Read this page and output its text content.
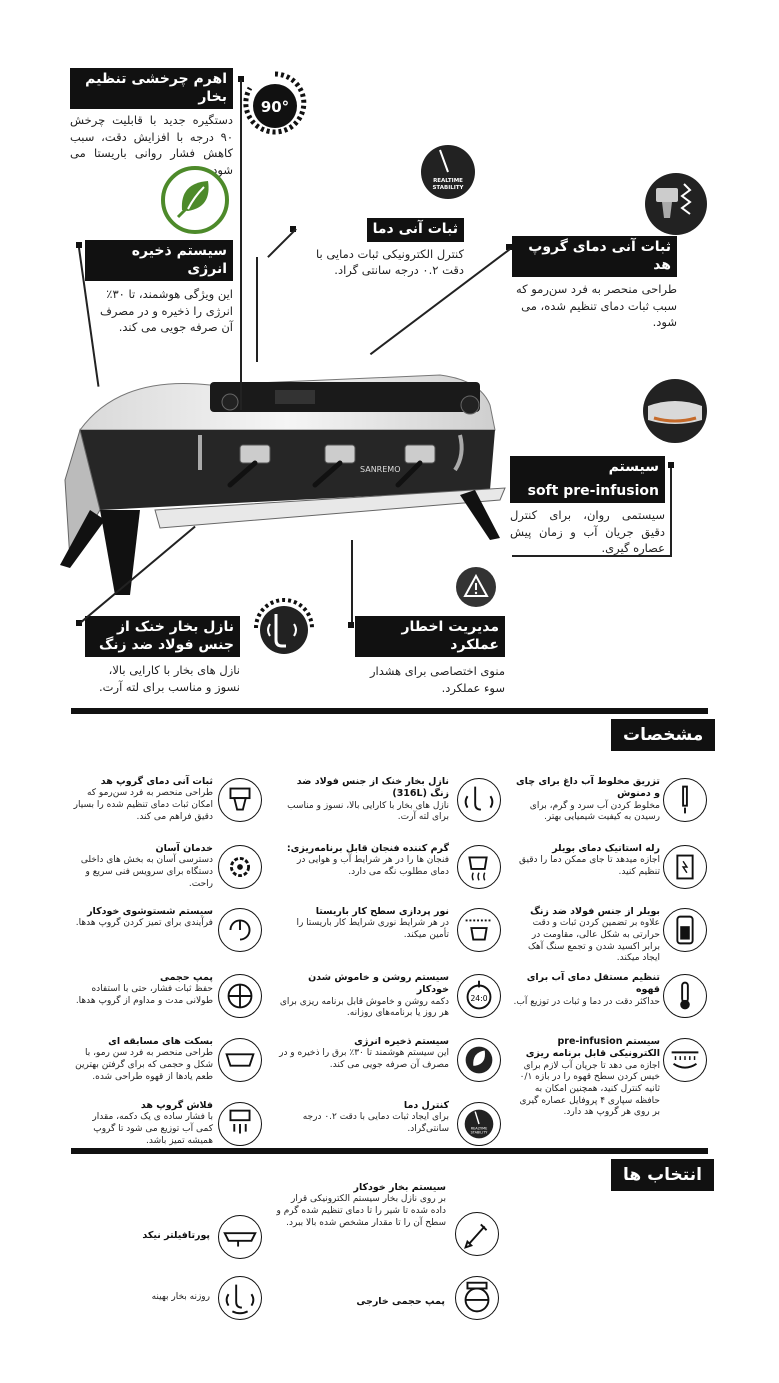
SANREMO
اهرم چرخشی تنظیم بخار
دستگیره جدید با قابلیت چرخش ۹۰ درجه با افزایش دقت، سبب کاهش فشار روانی باریستا می شود.
90°
سیستم ذخیره انرژی
این ویژگی هوشمند، تا ۳۰٪ انرژی را ذخیره و در مصرف آن صرفه جویی می کند.
REALTIME
STABILITY
ثبات آنی دما
کنترل الکترونیکی ثبات دمایی با دقت ۰.۲ درجه سانتی گراد.
ثبات آنی دمای گروپ هد
طراحی منحصر به فرد سن‌رمو که سبب ثبات دمای تنظیم شده، می شود.
سیستم
soft pre-infusion
سیستمی روان، برای کنترل دقیق جریان آب و زمان پیش عصاره گیری.
نازل بخار خنک از جنس فولاد ضد زنگ
نازل های بخار با کارایی بالا، نسوز و مناسب برای لته آرت.
مدیریت اخطار عملکرد
منوی اختصاصی برای هشدار سوء عملکرد.
مشخصات
ثبات آنی دمای گروپ هد
طراحی منحصر به فرد سن‌رمو که امکان ثبات دمای تنظیم شده را بسیار دقیق فراهم می کند.
نازل بخار خنک از جنس فولاد ضد زنگ (316L)
نازل های بخار با کارایی بالا، نسوز و مناسب برای لته آرت.
تزریق مخلوط آب داغ برای چای و دمنوش
مخلوط کردن آب سرد و گرم، برای رسیدن به کیفیت شیمیایی بهتر.
خدمان آسان
دسترسی آسان به بخش های داخلی دستگاه برای سرویس فنی سریع و راحت.
گرم کننده فنجان قابل برنامه‌ریزی:
فنجان ها را در هر شرایط آب و هوایی در دمای مطلوب نگه می دارد.
رله استاتیک دمای بویلر
اجازه میدهد تا جای ممکن دما را دقیق تنظیم کنید.
سیستم شستوشوی خودکار
فرآیندی برای تمیز کردن گروپ هدها.
نور پردازی سطح کار باریستا
در هر شرایط نوری شرایط کار باریستا را تأمین میکند.
بویلر از جنس فولاد ضد زنگ
علاوه بر تضمین کردن ثبات و دقت حرارتی به شکل عالی، مقاومت در برابر اکسید شدن و تجمع سنگ آهک ایجاد میکند.
پمپ حجمی
حفظ ثبات فشار، حتی با استفاده طولانی مدت و مداوم از گروپ هدها.
سیستم روشن و خاموش شدن خودکار
دکمه روشن و خاموش قابل برنامه ریزی برای هر روز یا برنامه‌های روزانه.
24:0
تنظیم مستقل دمای آب برای قهوه
حداکثر دقت در دما و ثبات در توزیع آب.
بسکت های مسابقه ای
طراحی منحصر به فرد سن رمو، با شکل و حجمی که برای گرفتن بهترین طعم یادها از قهوه طراحی شده.
سیستم ذخیره انرژی
این سیستم هوشمند تا ۳۰٪ برق را ذخیره و در مصرف آن صرفه جویی می کند.
سیستم pre-infusion الکترونیکی قابل برنامه ریزی
اجازه می دهد تا جریان آب لازم برای خیس کردن سطح قهوه را در بازه ۰/۱ ثانیه کنترل کنید، همچنین امکان به حافظه سپاری ۴ پروفایل عصاره گیری بر روی هر گروپ هد دارد.
فلاش گروپ هد
با فشار ساده ی یک دکمه، مقدار کمی آب توزیع می شود تا گروپ همیشه تمیز باشد.
کنترل دما
برای ایجاد ثبات دمایی با دقت ۰.۲ درجه سانتی‌گراد.	REALTIME
STABILITY
انتخاب ها
سیستم بخار خودکار
بر روی نازل بخار سیستم الکترونیکی قرار داده شده تا شیر را تا دمای تنظیم شده گرم و سطح آن را تا مقدار مشخص شده بالا ببرد.
پورتافیلتر نیکد
پمپ حجمی خارجی
روزنه بخار بهینه
